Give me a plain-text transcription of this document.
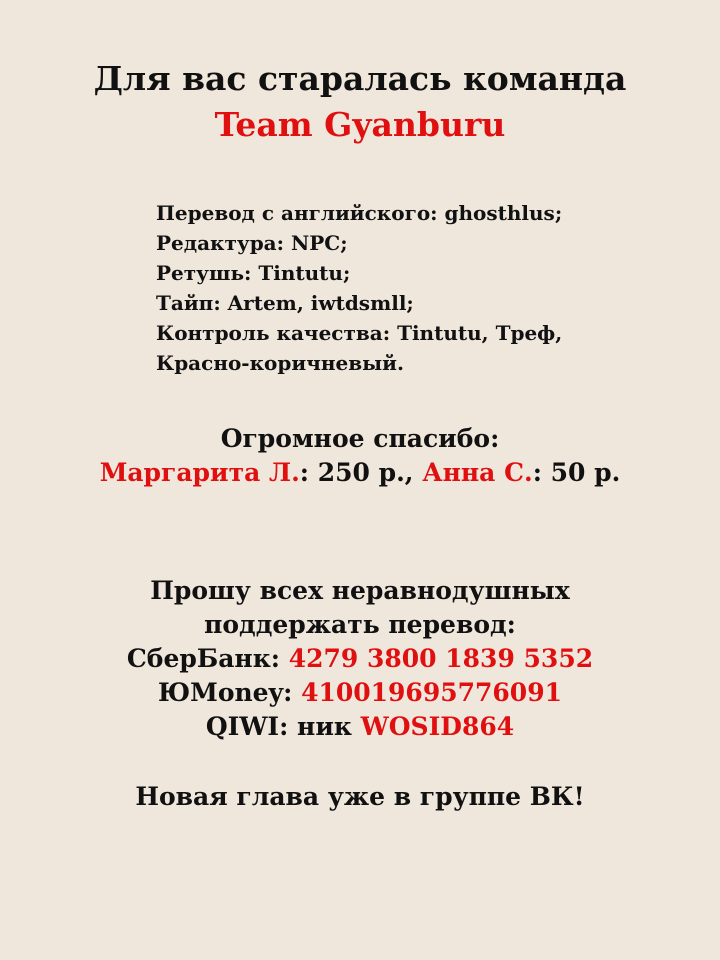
Для вас старалась команда
Team Gyanburu
Перевод с английского: ghosthlus;
Редактура: NPC;
Ретушь: Tintutu;
Тайп: Artem, iwtdsmll;
Контроль качества: Tintutu, Треф,
Красно-коричневый.
Огромное спасибо:
Маргарита Л.: 250 р., Анна С.: 50 р.
Прошу всех неравнодушных
поддержать перевод:
СберБанк: 4279 3800 1839 5352
ЮMoney: 410019695776091
QIWI: ник WOSID864
Новая глава уже в группе ВК!
